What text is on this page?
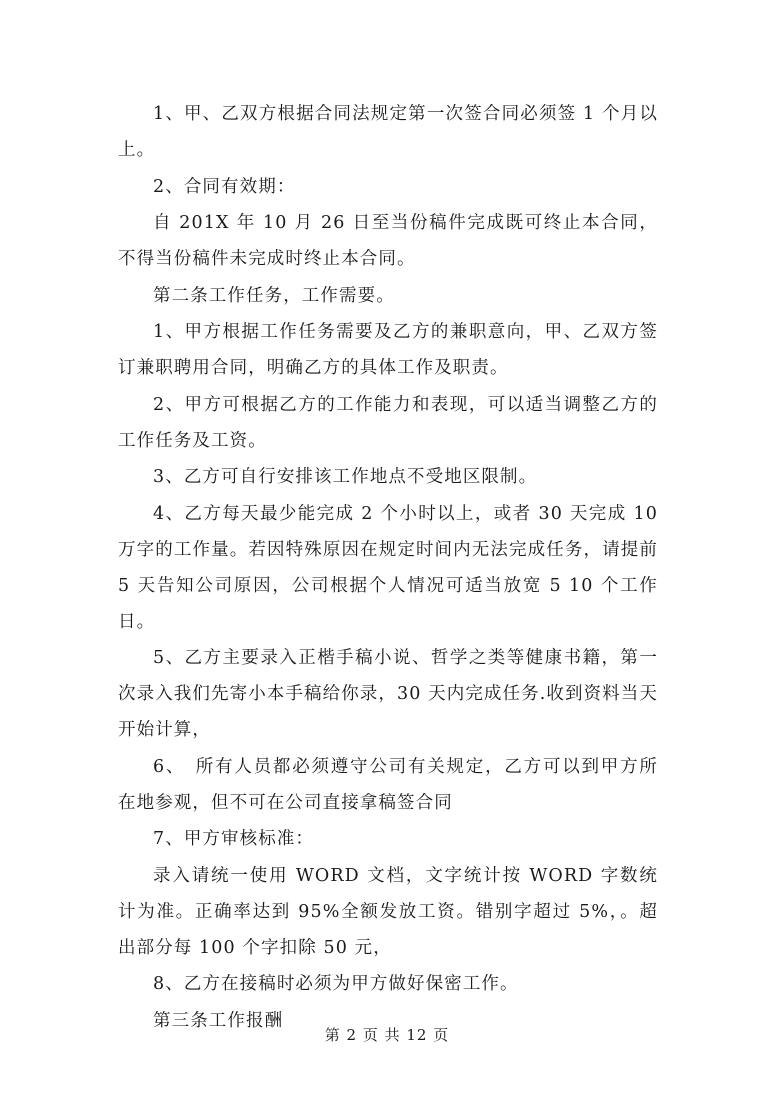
1、甲、乙双方根据合同法规定第一次签合同必须签 1 个月以上。

2、合同有效期：

自 201X 年 10 月 26 日至当份稿件完成既可终止本合同，不得当份稿件未完成时终止本合同。

第二条工作任务，工作需要。

1、甲方根据工作任务需要及乙方的兼职意向，甲、乙双方签订兼职聘用合同，明确乙方的具体工作及职责。

2、甲方可根据乙方的工作能力和表现，可以适当调整乙方的工作任务及工资。

3、乙方可自行安排该工作地点不受地区限制。

4、乙方每天最少能完成 2 个小时以上，或者 30 天完成 10 万字的工作量。若因特殊原因在规定时间内无法完成任务，请提前 5 天告知公司原因，公司根据个人情况可适当放宽 5 10 个工作日。

5、乙方主要录入正楷手稿小说、哲学之类等健康书籍，第一次录入我们先寄小本手稿给你录，30 天内完成任务.收到资料当天开始计算，

6、　所有人员都必须遵守公司有关规定，乙方可以到甲方所在地参观，但不可在公司直接拿稿签合同

7、甲方审核标准：

录入请统一使用 WORD 文档，文字统计按 WORD 字数统计为准。正确率达到 95%全额发放工资。错别字超过 5%，。超出部分每 100 个字扣除 50 元，

8、乙方在接稿时必须为甲方做好保密工作。

第三条工作报酬

第 2 页 共 12 页
